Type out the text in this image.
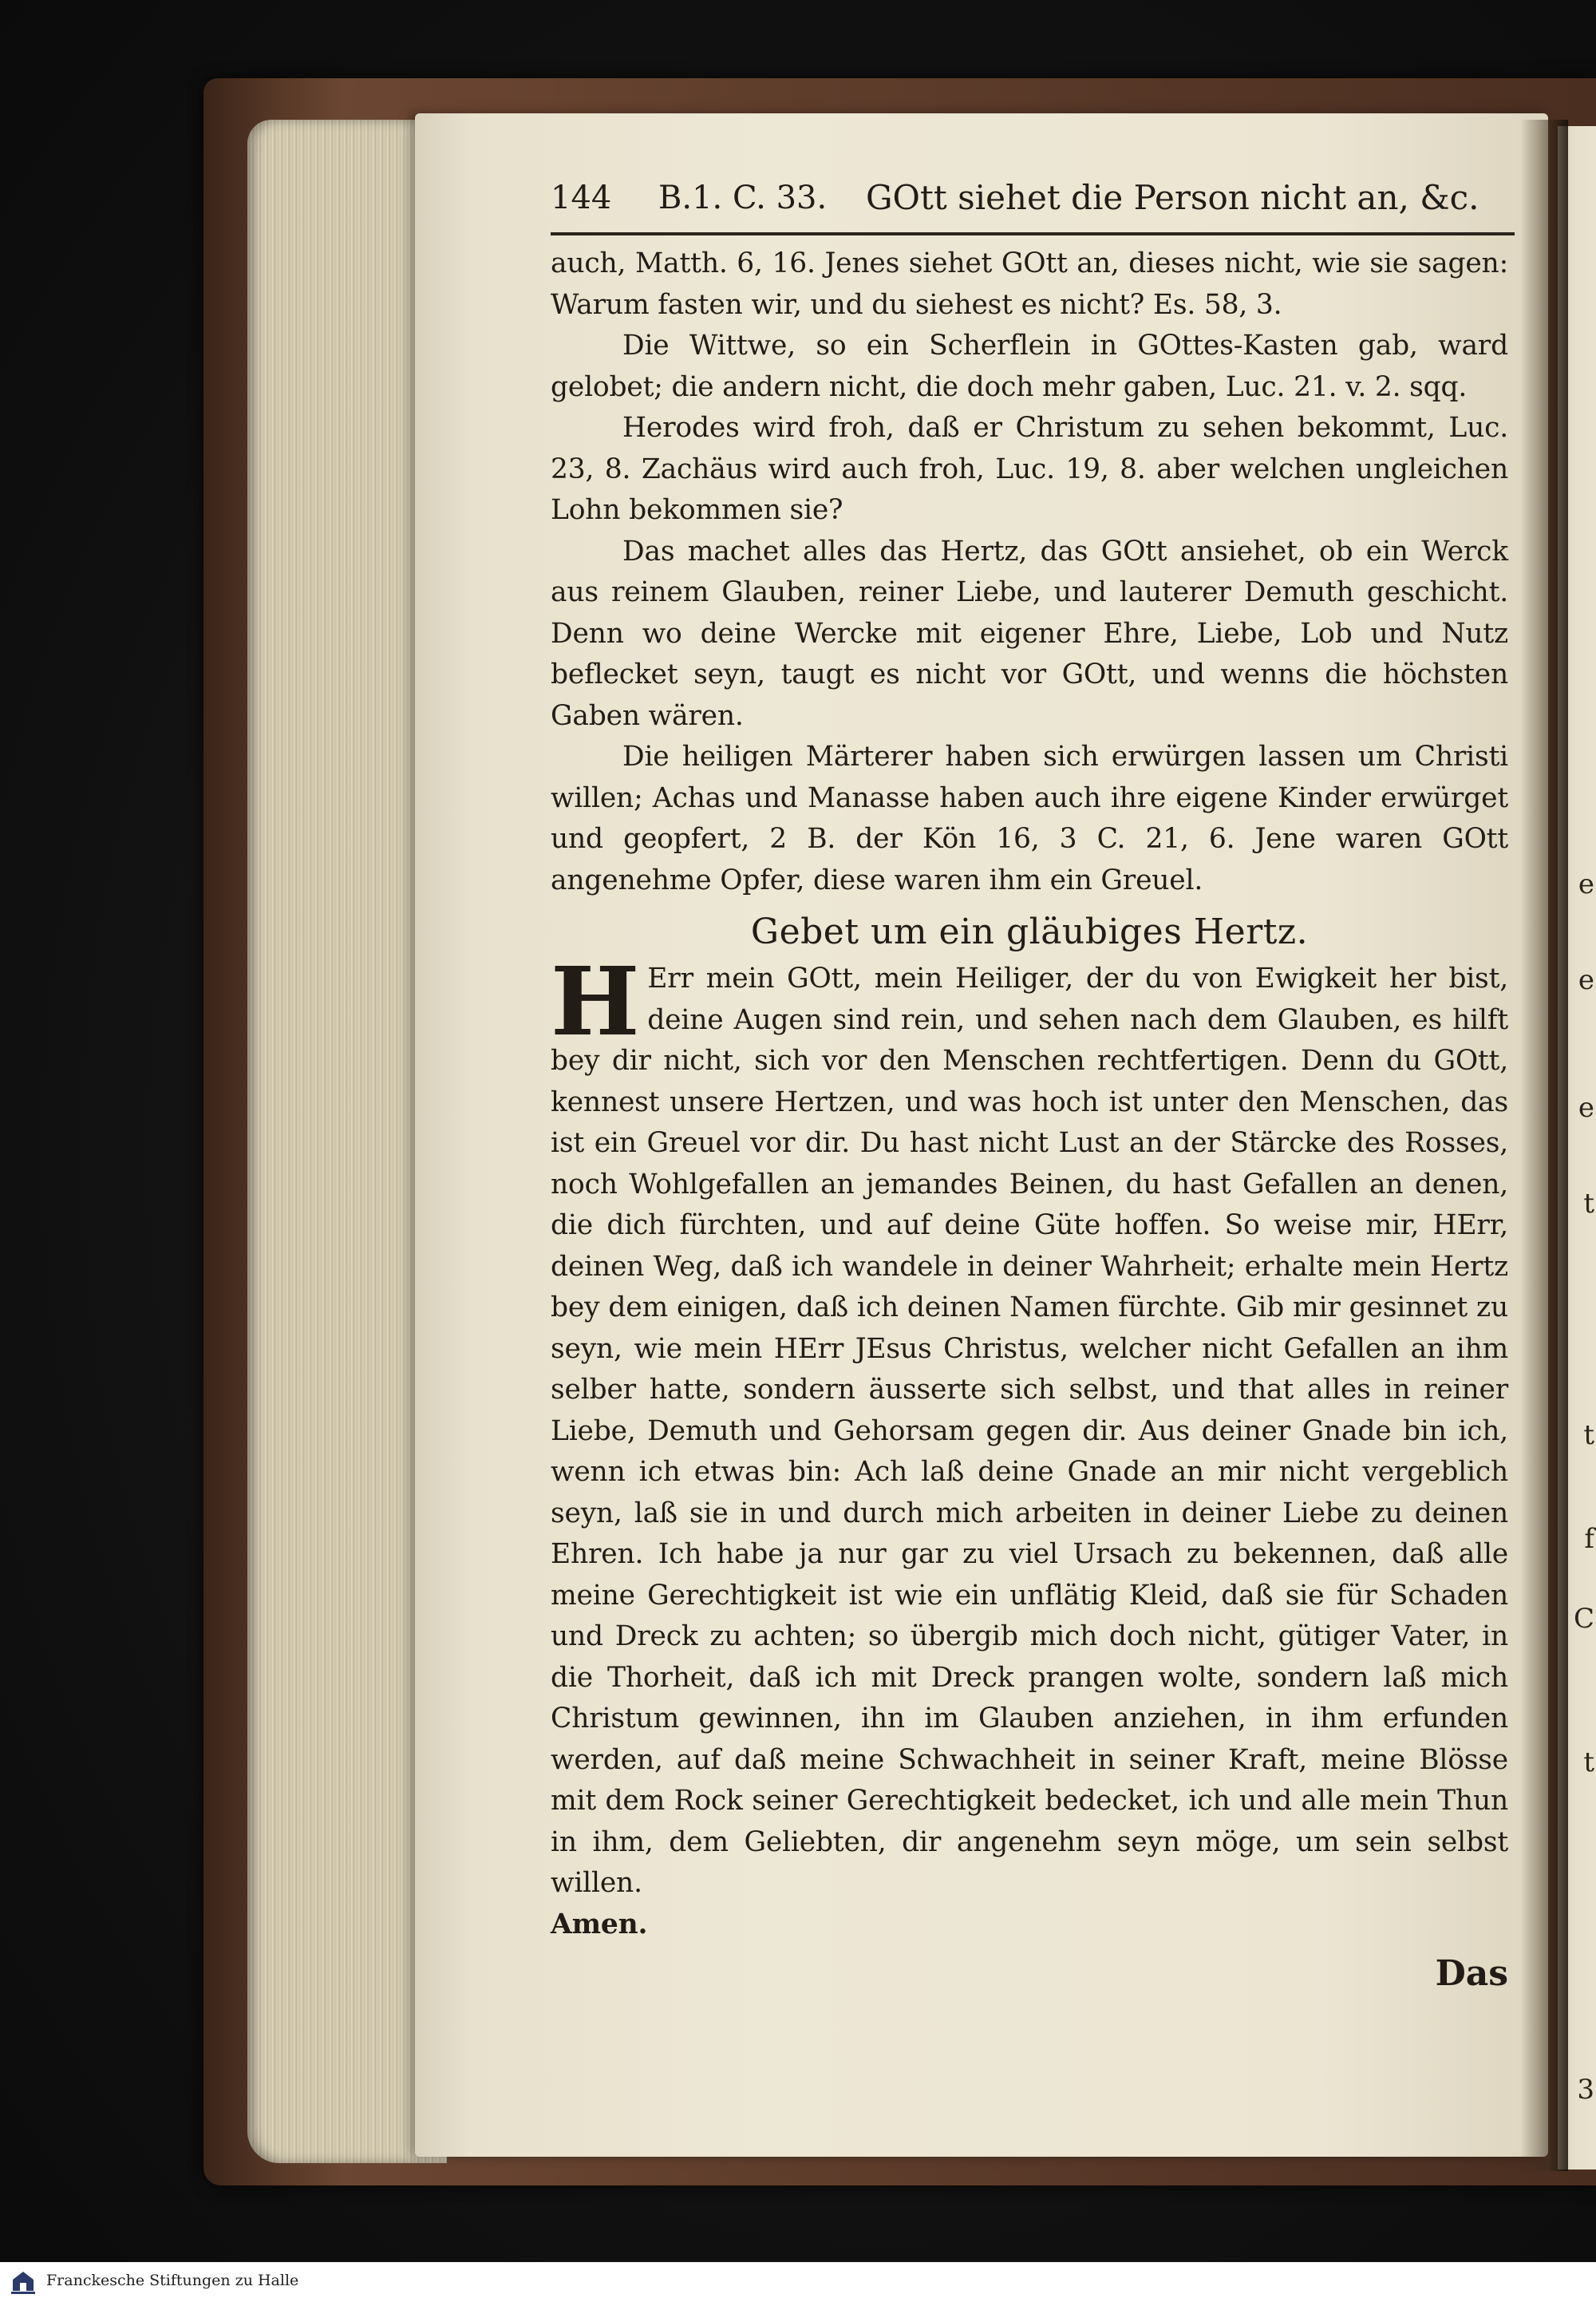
e
e
e
t
t
f
C
t
3
144 B.1. C. 33. GOtt siehet die Person nicht an, &c.
auch, Matth. 6, 16. Jenes siehet GOtt an, dieses nicht, wie sie sagen: Warum fasten wir, und du siehest es nicht? Es. 58, 3.
Die Wittwe, so ein Scherflein in GOttes-Kasten gab, ward gelobet; die andern nicht, die doch mehr gaben, Luc. 21. v. 2. sqq.
Herodes wird froh, daß er Christum zu sehen bekommt, Luc. 23, 8. Zachäus wird auch froh, Luc. 19, 8. aber welchen ungleichen Lohn bekommen sie?
Das machet alles das Hertz, das GOtt ansiehet, ob ein Werck aus reinem Glauben, reiner Liebe, und lauterer Demuth geschicht. Denn wo deine Wercke mit eigener Ehre, Liebe, Lob und Nutz beflecket seyn, taugt es nicht vor GOtt, und wenns die höchsten Gaben wären.
Die heiligen Märterer haben sich erwürgen lassen um Christi willen; Achas und Manasse haben auch ihre eigene Kinder erwürget und geopfert, 2 B. der Kön 16, 3 C. 21, 6. Jene waren GOtt angenehme Opfer, diese waren ihm ein Greuel.
Gebet um ein gläubiges Hertz.
H Err mein GOtt, mein Heiliger, der du von Ewigkeit her bist, deine Augen sind rein, und sehen nach dem Glauben, es hilft bey dir nicht, sich vor den Menschen rechtfertigen. Denn du GOtt, kennest unsere Hertzen, und was hoch ist unter den Menschen, das ist ein Greuel vor dir. Du hast nicht Lust an der Stärcke des Rosses, noch Wohlgefallen an jemandes Beinen, du hast Gefallen an denen, die dich fürchten, und auf deine Güte hoffen. So weise mir, HErr, deinen Weg, daß ich wandele in deiner Wahrheit; erhalte mein Hertz bey dem einigen, daß ich deinen Namen fürchte. Gib mir gesinnet zu seyn, wie mein HErr JEsus Christus, welcher nicht Gefallen an ihm selber hatte, sondern äusserte sich selbst, und that alles in reiner Liebe, Demuth und Gehorsam gegen dir. Aus deiner Gnade bin ich, wenn ich etwas bin: Ach laß deine Gnade an mir nicht vergeblich seyn, laß sie in und durch mich arbeiten in deiner Liebe zu deinen Ehren. Ich habe ja nur gar zu viel Ursach zu bekennen, daß alle meine Gerechtigkeit ist wie ein unflätig Kleid, daß sie für Schaden und Dreck zu achten; so übergib mich doch nicht, gütiger Vater, in die Thorheit, daß ich mit Dreck prangen wolte, sondern laß mich Christum gewinnen, ihn im Glauben anziehen, in ihm erfunden werden, auf daß meine Schwachheit in seiner Kraft, meine Blösse mit dem Rock seiner Gerechtigkeit bedecket, ich und alle mein Thun in ihm, dem Geliebten, dir angenehm seyn möge, um sein selbst willen.
Amen.
Das
Franckesche Stiftungen zu Halle
